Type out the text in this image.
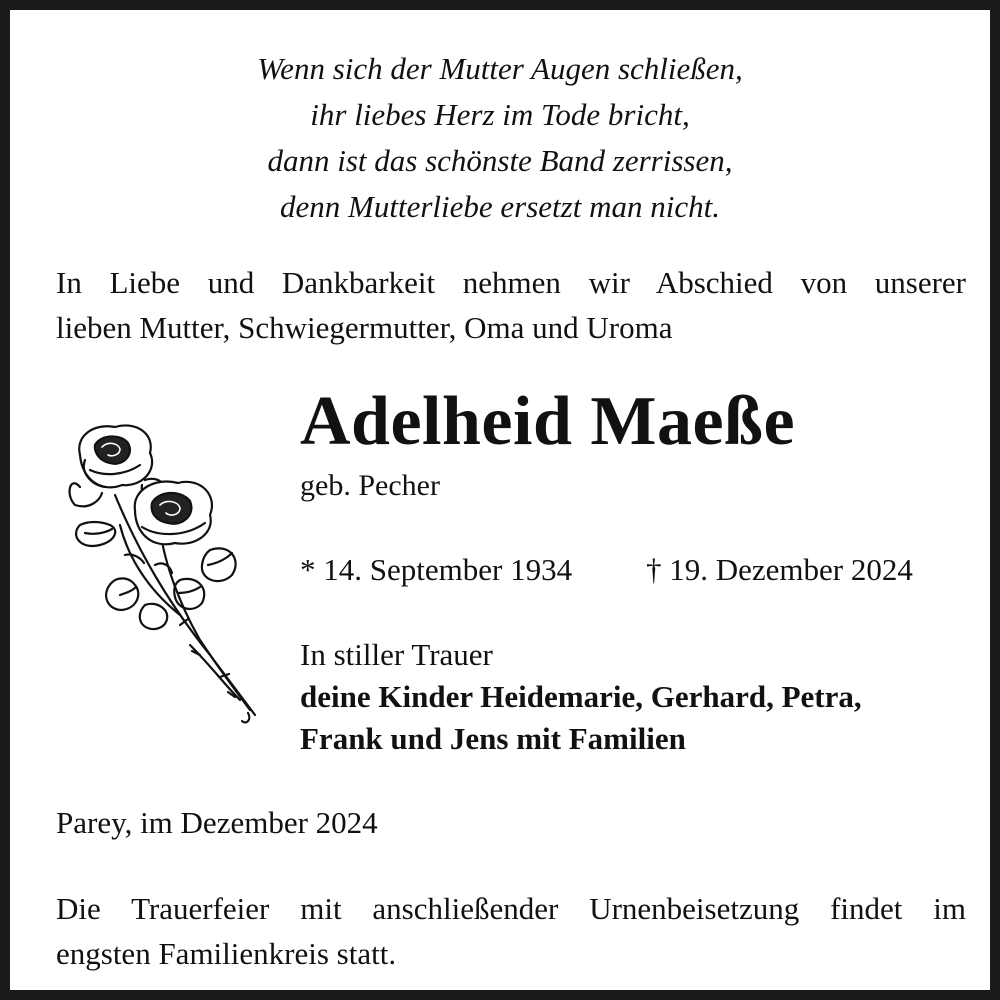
Wenn sich der Mutter Augen schließen,
ihr liebes Herz im Tode bricht,
dann ist das schönste Band zerrissen,
denn Mutterliebe ersetzt man nicht.
In Liebe und Dankbarkeit nehmen wir Abschied von unserer
lieben Mutter, Schwiegermutter, Oma und Uroma
Adelheid Maeße
geb. Pecher
* 14. September 1934 † 19. Dezember 2024
In stiller Trauer
deine Kinder Heidemarie, Gerhard, Petra,
Frank und Jens mit Familien
Parey, im Dezember 2024
Die Trauerfeier mit anschließender Urnenbeisetzung findet im
engsten Familienkreis statt.
